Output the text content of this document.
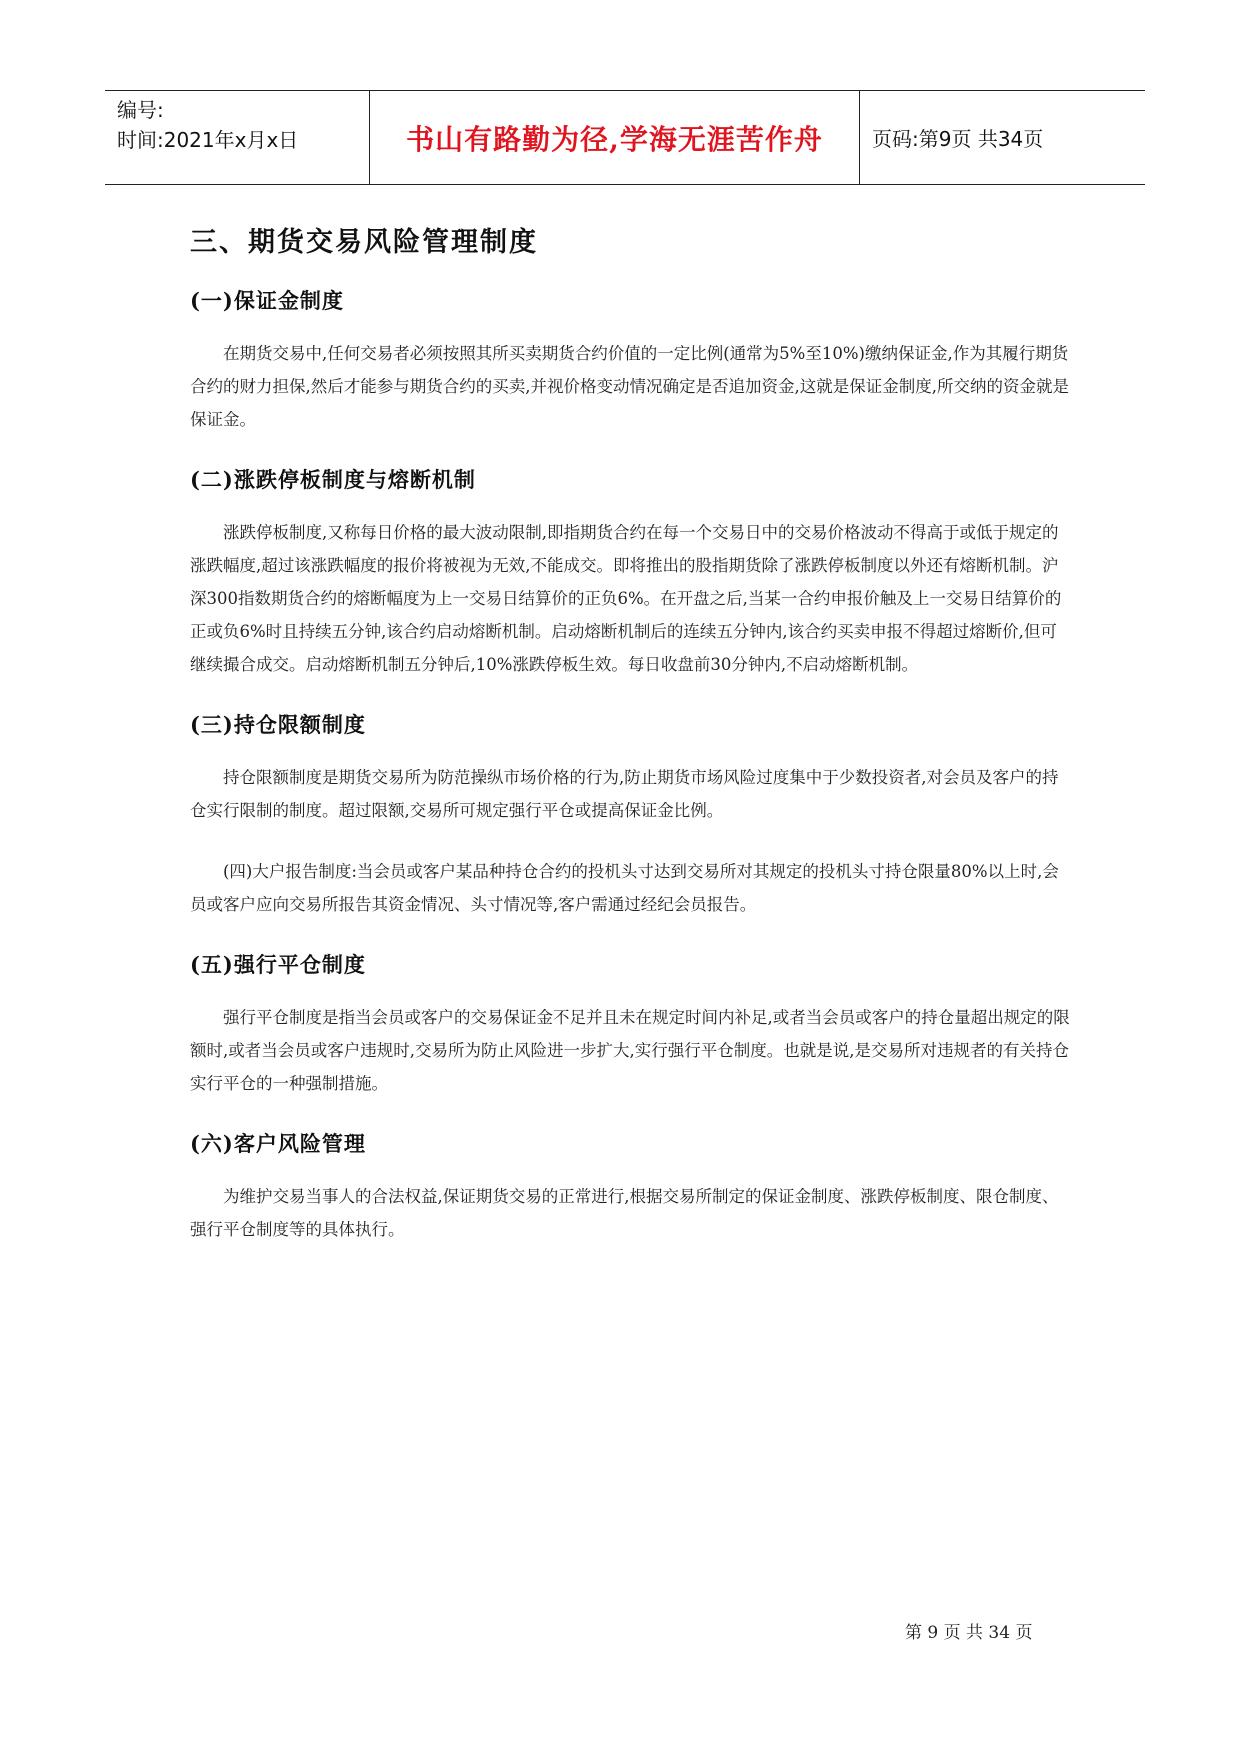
编号:
时间:2021年x月x日	书山有路勤为径,学海无涯苦作舟	页码:第9页 共34页
三、期货交易风险管理制度
(一)保证金制度

在期货交易中,任何交易者必须按照其所买卖期货合约价值的一定比例(通常为5%至10%)缴纳保证金,作为其履行期货合约的财力担保,然后才能参与期货合约的买卖,并视价格变动情况确定是否追加资金,这就是保证金制度,所交纳的资金就是保证金。

(二)涨跌停板制度与熔断机制

涨跌停板制度,又称每日价格的最大波动限制,即指期货合约在每一个交易日中的交易价格波动不得高于或低于规定的涨跌幅度,超过该涨跌幅度的报价将被视为无效,不能成交。即将推出的股指期货除了涨跌停板制度以外还有熔断机制。沪深300指数期货合约的熔断幅度为上一交易日结算价的正负6%。在开盘之后,当某一合约申报价触及上一交易日结算价的正或负6%时且持续五分钟,该合约启动熔断机制。启动熔断机制后的连续五分钟内,该合约买卖申报不得超过熔断价,但可继续撮合成交。启动熔断机制五分钟后,10%涨跌停板生效。每日收盘前30分钟内,不启动熔断机制。

(三)持仓限额制度

持仓限额制度是期货交易所为防范操纵市场价格的行为,防止期货市场风险过度集中于少数投资者,对会员及客户的持仓实行限制的制度。超过限额,交易所可规定强行平仓或提高保证金比例。

(四)大户报告制度:当会员或客户某品种持仓合约的投机头寸达到交易所对其规定的投机头寸持仓限量80%以上时,会员或客户应向交易所报告其资金情况、头寸情况等,客户需通过经纪会员报告。

(五)强行平仓制度

强行平仓制度是指当会员或客户的交易保证金不足并且未在规定时间内补足,或者当会员或客户的持仓量超出规定的限额时,或者当会员或客户违规时,交易所为防止风险进一步扩大,实行强行平仓制度。也就是说,是交易所对违规者的有关持仓实行平仓的一种强制措施。

(六)客户风险管理

为维护交易当事人的合法权益,保证期货交易的正常进行,根据交易所制定的保证金制度、涨跌停板制度、限仓制度、强行平仓制度等的具体执行。

第 9 页 共 34 页
